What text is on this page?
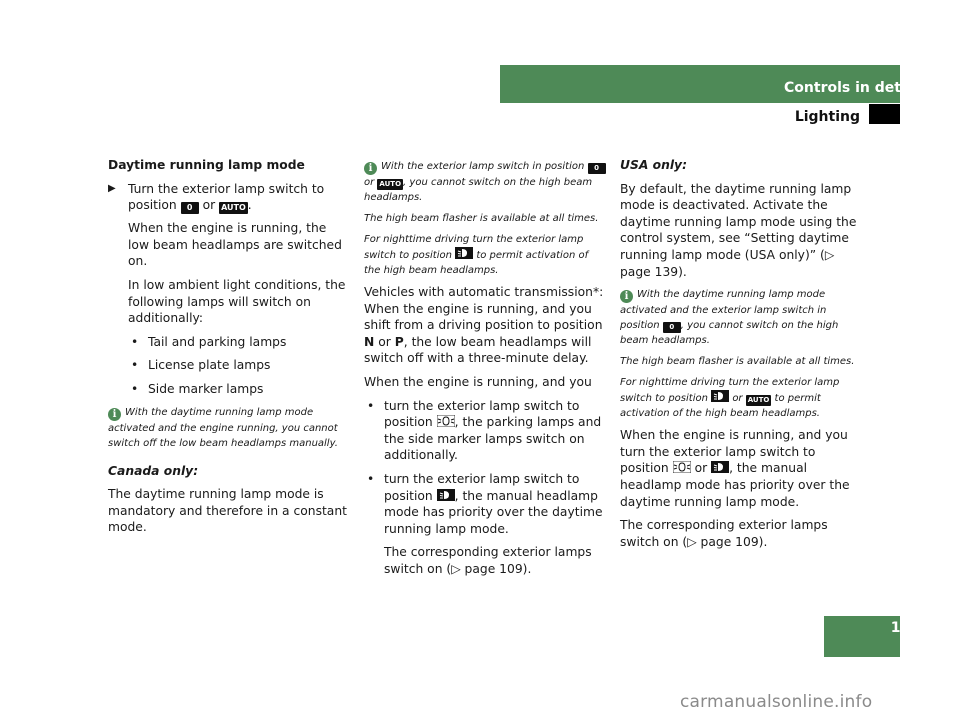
Controls in detail
Lighting

Daytime running lamp mode

▶ Turn the exterior lamp switch to position 0 or AUTO .

When the engine is running, the low beam headlamps are switched on.

In low ambient light conditions, the following lamps will switch on additionally:

• Tail and parking lamps
• License plate lamps
• Side marker lamps

i With the daytime running lamp mode activated and the engine running, you cannot switch off the low beam headlamps manually.

Canada only:

The daytime running lamp mode is mandatory and therefore in a constant mode.

i With the exterior lamp switch in position 0 or AUTO , you cannot switch on the high beam headlamps.

The high beam flasher is available at all times.

For nighttime driving turn the exterior lamp switch to position to permit activation of the high beam headlamps.

Vehicles with automatic transmission*: When the engine is running, and you shift from a driving position to position N or P, the low beam headlamps will switch off with a three-minute delay.

When the engine is running, and you

• turn the exterior lamp switch to position , the parking lamps and the side marker lamps switch on additionally.
• turn the exterior lamp switch to position , the manual headlamp mode has priority over the daytime running lamp mode.

The corresponding exterior lamps switch on (▷ page 109).

USA only:

By default, the daytime running lamp mode is deactivated. Activate the daytime running lamp mode using the control system, see “Setting daytime running lamp mode (USA only)” (▷ page 139).

i With the daytime running lamp mode activated and the exterior lamp switch in position 0 , you cannot switch on the high beam headlamps.

The high beam flasher is available at all times.

For nighttime driving turn the exterior lamp switch to position or AUTO to permit activation of the high beam headlamps.

When the engine is running, and you turn the exterior lamp switch to position or , the manual headlamp mode has priority over the daytime running lamp mode.

The corresponding exterior lamps switch on (▷ page 109).

111
carmanualsonline.info
